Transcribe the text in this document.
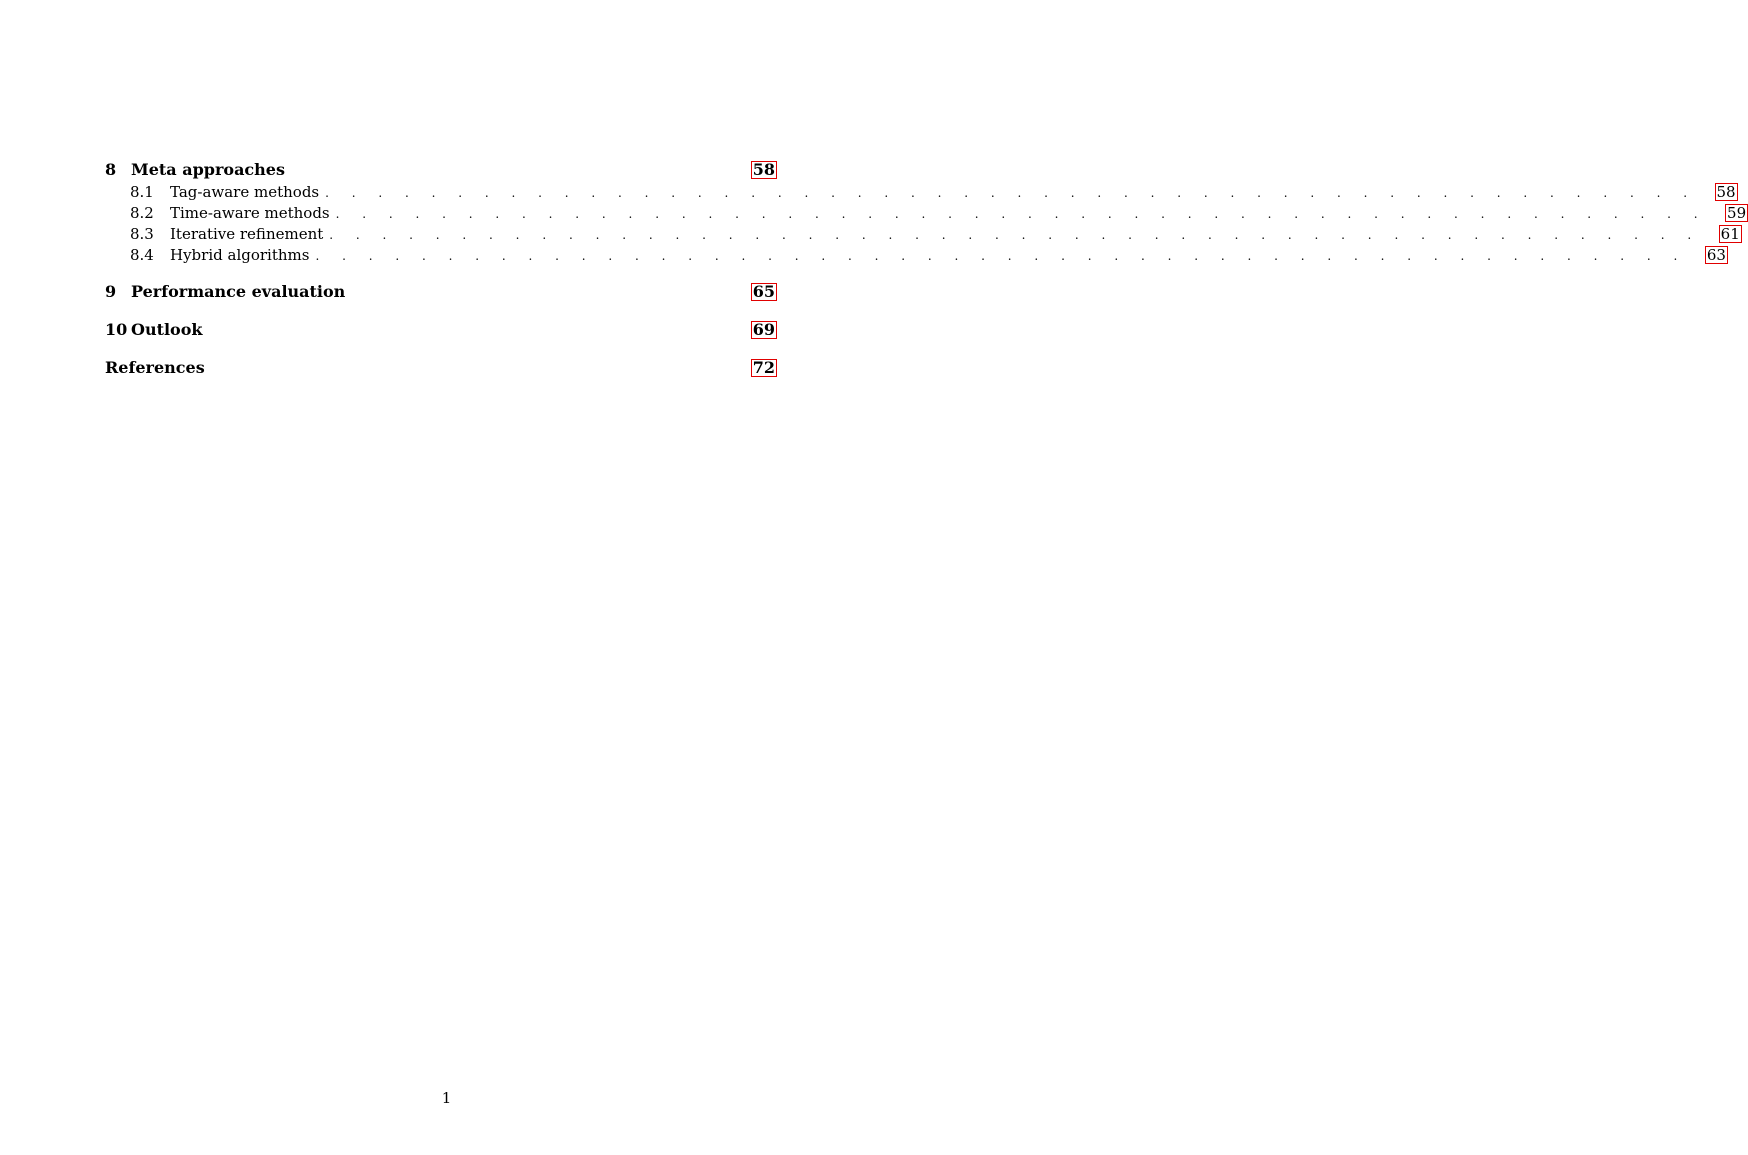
8 Meta approaches	58
8.1	Tag-aware methods . . . . . . . . . . . . . . . . . . . . . . . . . . . . . . . . . . . . . . . . . . . . . . . . . . . . 58
8.2	Time-aware methods . . . . . . . . . . . . . . . . . . . . . . . . . . . . . . . . . . . . . . . . . . . . . . . . . . . . 59
8.3	Iterative refinement . . . . . . . . . . . . . . . . . . . . . . . . . . . . . . . . . . . . . . . . . . . . . . . . . . . . 61
8.4	Hybrid algorithms . . . . . . . . . . . . . . . . . . . . . . . . . . . . . . . . . . . . . . . . . . . . . . . . . . . . 63
9 Performance evaluation	65
10 Outlook	69
References	72
1
